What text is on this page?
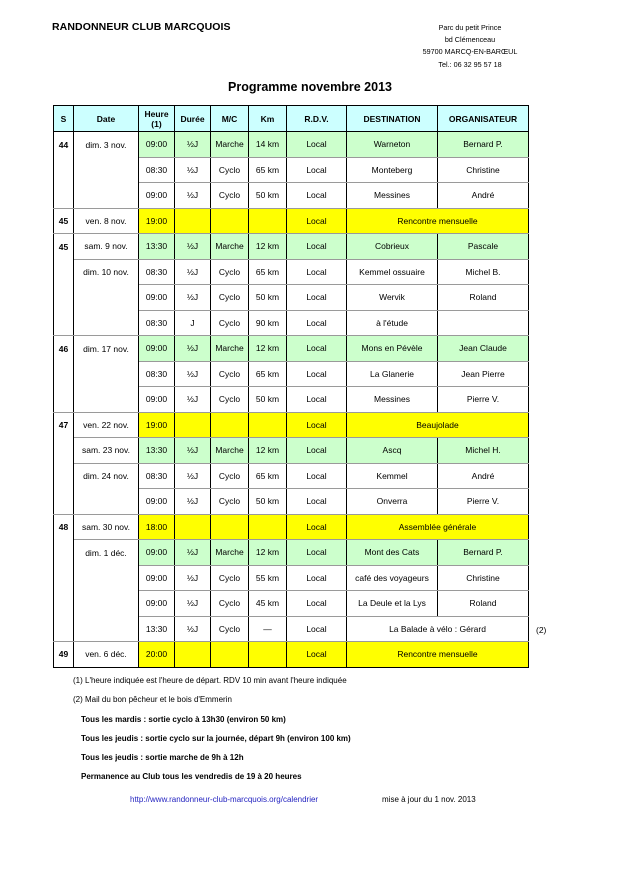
RANDONNEUR CLUB MARCQUOIS	Parc du petit Prince
bd Clémenceau
59700 MARCQ-EN-BARŒUL
Tel.: 06 32 95 57 18
Programme novembre 2013
S	Date	Heure (1)	Durée	M/C	Km	R.D.V.	DESTINATION	ORGANISATEUR
44	dim. 3 nov.	09:00	½J	Marche	14 km	Local	Warneton	Bernard P.
		08:30	½J	Cyclo	65 km	Local	Monteberg	Christine
		09:00	½J	Cyclo	50 km	Local	Messines	André
45	ven. 8 nov.	19:00				Local	Rencontre mensuelle	
45	sam. 9 nov.	13:30	½J	Marche	12 km	Local	Cobrieux	Pascale
	dim. 10 nov.	08:30	½J	Cyclo	65 km	Local	Kemmel ossuaire	Michel B.
		09:00	½J	Cyclo	50 km	Local	Wervik	Roland
		08:30	J	Cyclo	90 km	Local	à l'étude	
46	dim. 17 nov.	09:00	½J	Marche	12 km	Local	Mons en Pévèle	Jean Claude
		08:30	½J	Cyclo	65 km	Local	La Glanerie	Jean Pierre
		09:00	½J	Cyclo	50 km	Local	Messines	Pierre V.
47	ven. 22 nov.	19:00				Local	Beaujolade	
	sam. 23 nov.	13:30	½J	Marche	12 km	Local	Ascq	Michel H.
	dim. 24 nov.	08:30	½J	Cyclo	65 km	Local	Kemmel	André
		09:00	½J	Cyclo	50 km	Local	Onverra	Pierre V.
48	sam. 30 nov.	18:00				Local	Assemblée générale	
	dim. 1 déc.	09:00	½J	Marche	12 km	Local	Mont des Cats	Bernard P.
		09:00	½J	Cyclo	55 km	Local	café des voyageurs	Christine
		09:00	½J	Cyclo	45 km	Local	La Deule et la Lys	Roland
		13:30	½J	Cyclo	—	Local	La Balade à vélo : Gérard	
49	ven. 6 déc.	20:00				Local	Rencontre mensuelle	
(2)
(1) L'heure indiquée est l'heure de départ. RDV 10 min avant l'heure indiquée
(2) Mail du bon pêcheur et le bois d'Emmerin
Tous les mardis : sortie cyclo à 13h30 (environ 50 km)
Tous les jeudis : sortie cyclo sur la journée, départ 9h (environ 100 km)
Tous les jeudis : sortie marche de 9h à 12h
Permanence au Club tous les vendredis de 19 à 20 heures
http://www.randonneur-club-marcquois.org/calendrier	mise à jour du 1 nov. 2013
